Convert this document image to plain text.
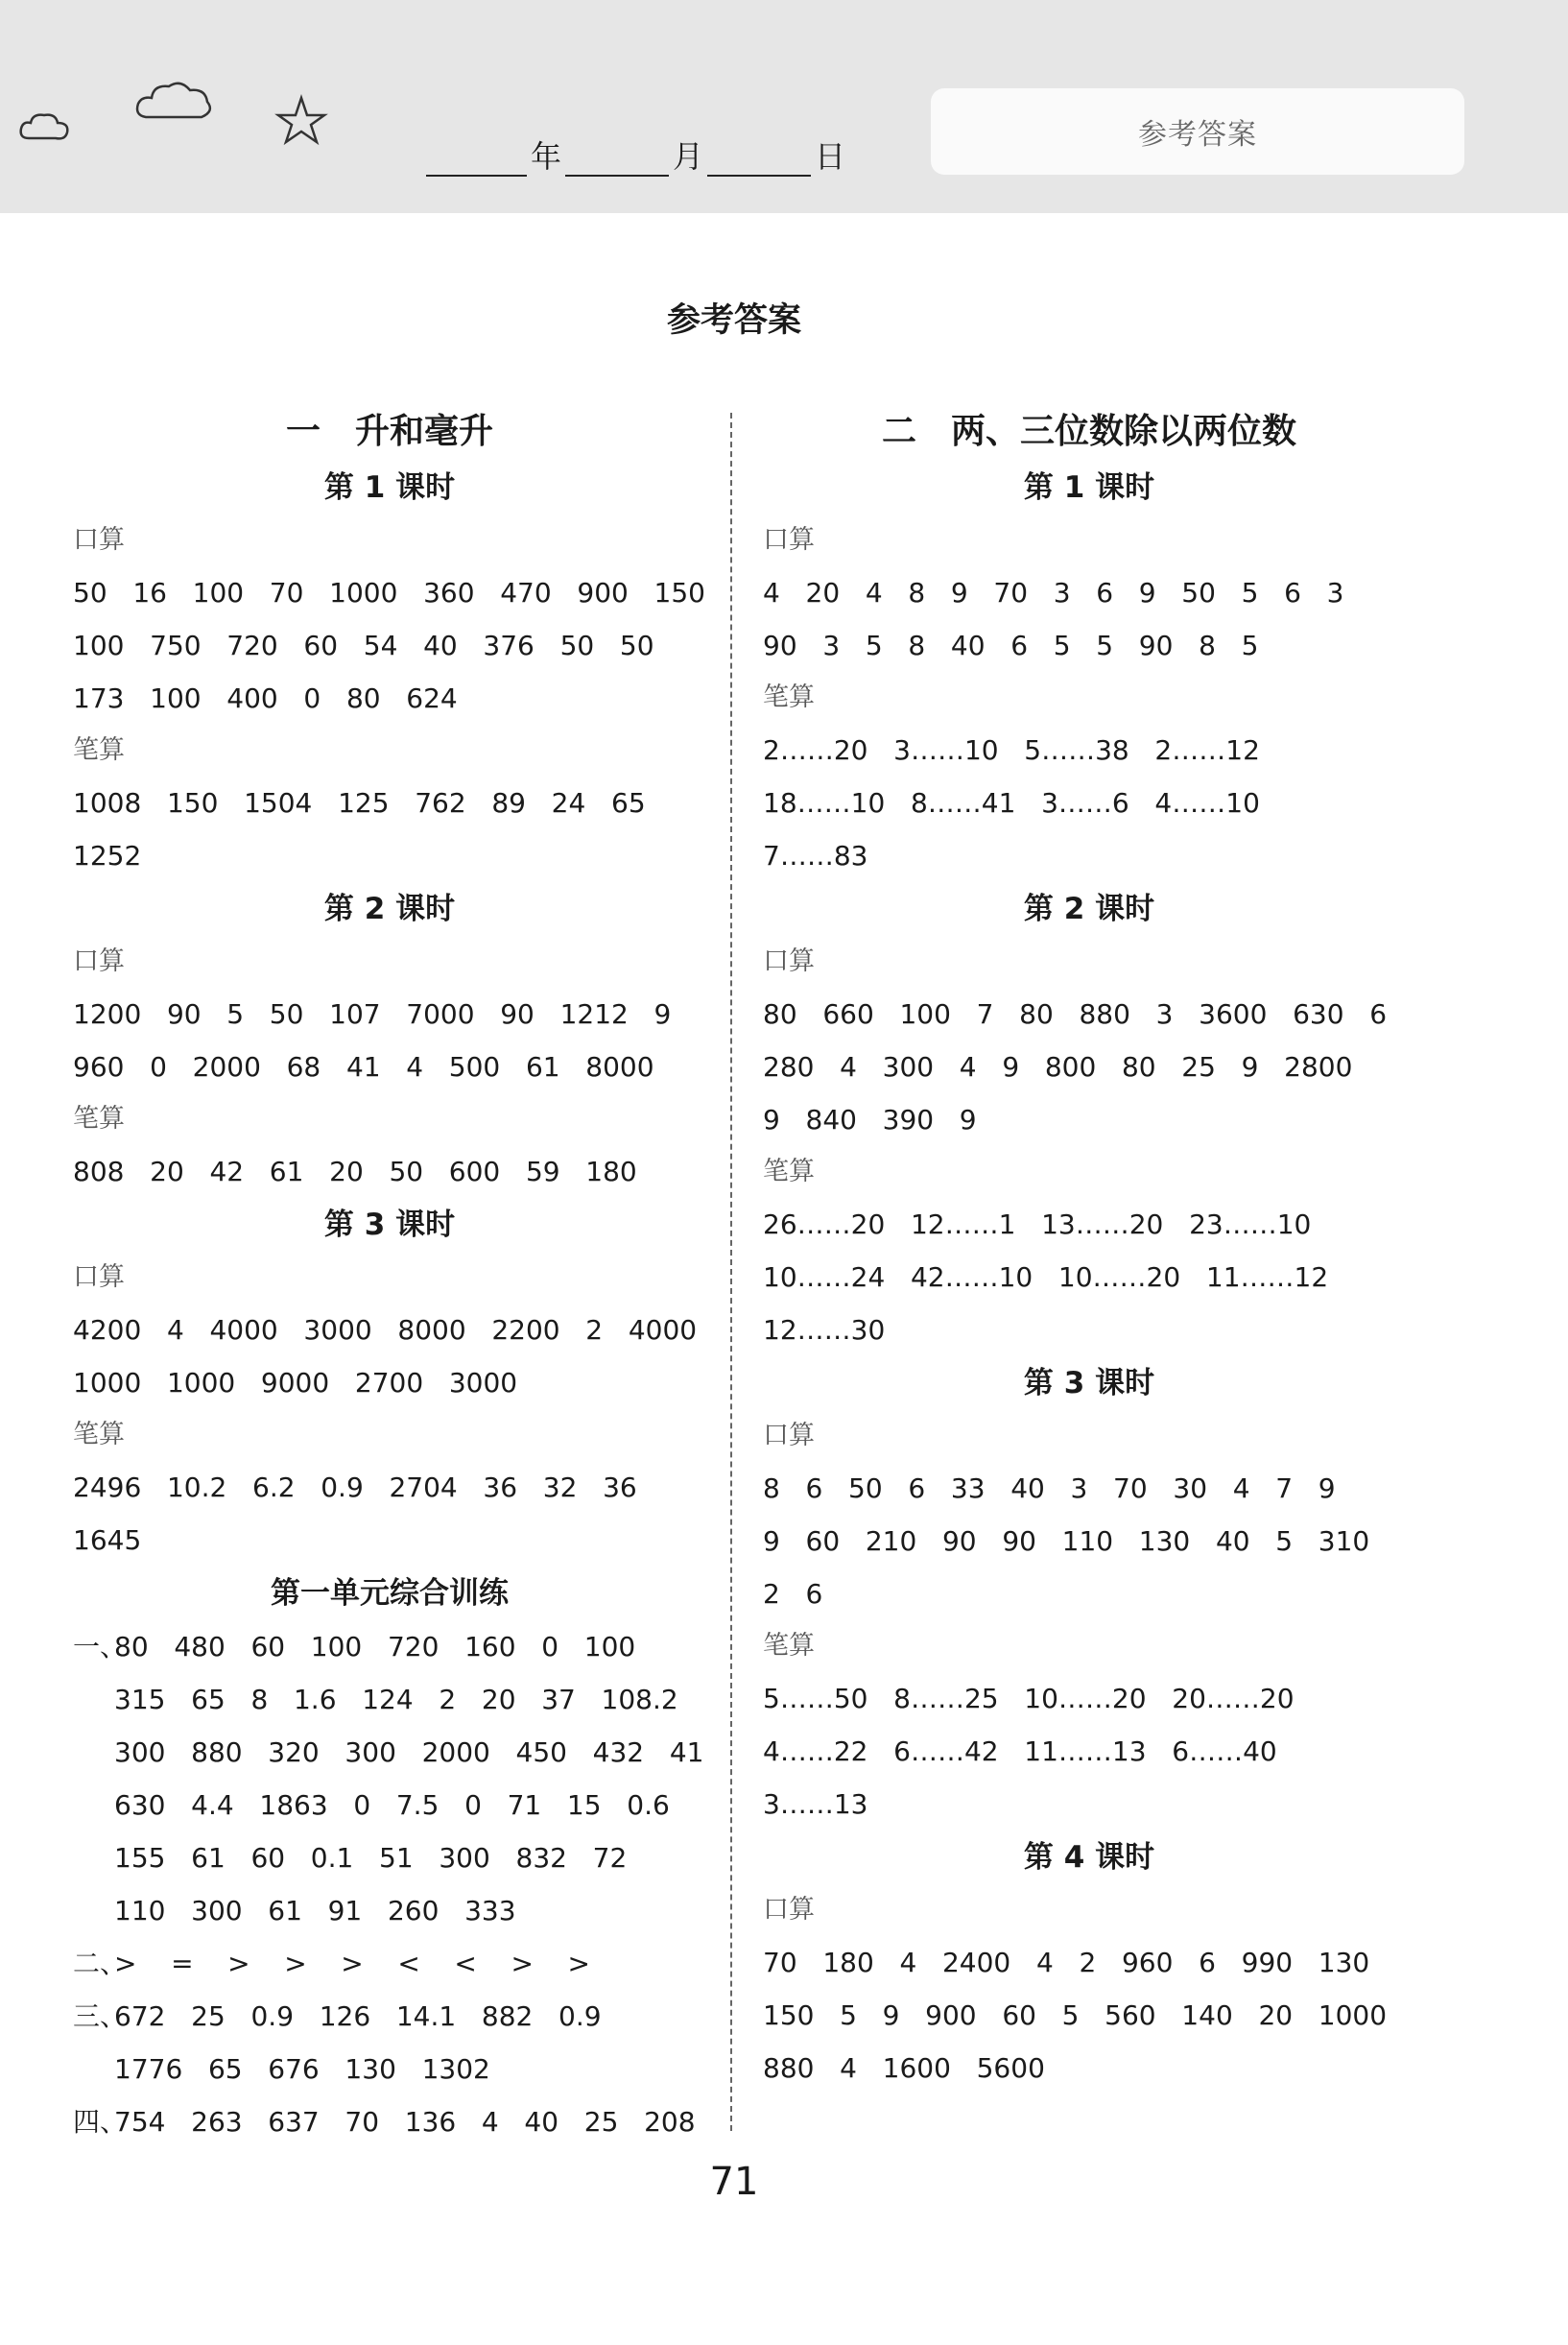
年	月	日
参考答案
参考答案
一　升和毫升
第 1 课时
口算
50   16   100   70   1000   360   470   900   150
100   750   720   60   54   40   376   50   50
173   100   400   0   80   624
笔算
1008   150   1504   125   762   89   24   65
1252
第 2 课时
口算
1200   90   5   50   107   7000   90   1212   9
960   0   2000   68   41   4   500   61   8000
笔算
808   20   42   61   20   50   600   59   180
第 3 课时
口算
4200   4   4000   3000   8000   2200   2   4000
1000   1000   9000   2700   3000
笔算
2496   10.2   6.2   0.9   2704   36   32   36
1645
第一单元综合训练
一、80   480   60   100   720   160   0   100
315   65   8   1.6   124   2   20   37   108.2
300   880   320   300   2000   450   432   41
630   4.4   1863   0   7.5   0   71   15   0.6
155   61   60   0.1   51   300   832   72
110   300   61   91   260   333
二、>    =    >    >    >    <    <    >    >
三、672   25   0.9   126   14.1   882   0.9
1776   65   676   130   1302
四、754   263   637   70   136   4   40   25   208
二　两、三位数除以两位数
第 1 课时
口算
4   20   4   8   9   70   3   6   9   50   5   6   3
90   3   5   8   40   6   5   5   90   8   5
笔算
2……20   3……10   5……38   2……12
18……10   8……41   3……6   4……10
7……83
第 2 课时
口算
80   660   100   7   80   880   3   3600   630   6
280   4   300   4   9   800   80   25   9   2800
9   840   390   9
笔算
26……20   12……1   13……20   23……10
10……24   42……10   10……20   11……12
12……30
第 3 课时
口算
8   6   50   6   33   40   3   70   30   4   7   9
9   60   210   90   90   110   130   40   5   310
2   6
笔算
5……50   8……25   10……20   20……20
4……22   6……42   11……13   6……40
3……13
第 4 课时
口算
70   180   4   2400   4   2   960   6   990   130
150   5   9   900   60   5   560   140   20   1000
880   4   1600   5600
71
